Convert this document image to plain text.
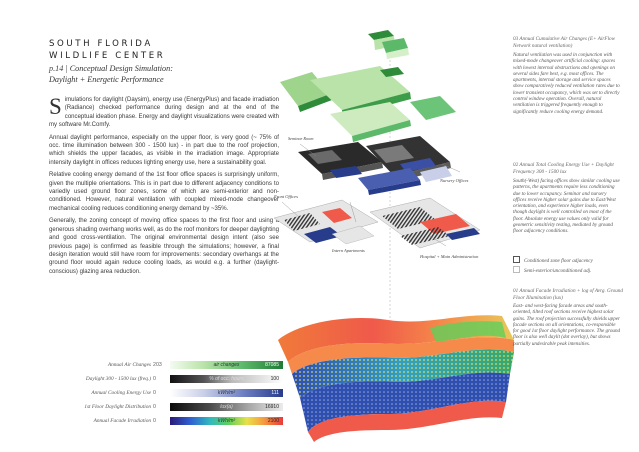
SOUTH FLORIDA
WILDLIFE CENTER
p.14 | Conceptual Design Simulation:
Daylight + Energetic Performance

Simulations for daylight (Daysim), energy use (EnergyPlus) and facade irradiation (Radiance) checked performance during design and at the end of the conceptual ideation phase. Energy and daylight visualizations were created with my software Mr.Comfy.

Annual daylight performance, especially on the upper floor, is very good (~ 75% of occ. time illumination between 300 - 1500 lux) - in part due to the roof projection, which shields the upper facades, as visible in the irradiation image. Appropriate intensity daylight in offices reduces lighting energy use, here a sustainability goal.

Relative cooling energy demand of the 1st floor office spaces is surprisingly uniform, given the multiple orientations. This is in part due to different adjacency conditions to variedly used ground floor zones, some of which are semi-exterior and non-conditioned. However, natural ventilation with coupled mixed-mode changeover mechanical cooling reduces conditioning energy demand by ~35%.

Generally, the zoning concept of moving office spaces to the first floor and using a generous shading overhang works well, as do the roof monitors for deeper daylighting and good cross-ventilation. The original environmental design intent (also see previous page) is confirmed as feasible through the simulations; however, a final design iteration would still have room for improvements: secondary overhangs at the ground floor would again reduce cooling loads, as would e.g. a further (daylight-conscious) glazing area reduction.

Annual Air Changes 203	air changes	87085
Daylight 300 - 1500 lux (freq.) 0	% of occ. hours	100
Annual Cooling Energy Use 0	kWh/m²	111
1st Floor Daylight Distribution 0	lux(a)	16910
Annual Facade Irradiation 0	kWh/m²	2100
Seminar Room
Nursery Offices
Front Offices
Intern Apartments
Hospital + Main Administration
03 Annual Cumulative Air Changes (E+ AirFlow Network natural ventilation)
Natural ventilation was used in conjunction with mixed-mode changeover artificial cooling: spaces with lowest internal obstructions and openings on several sides fare best, e.g. most offices. The apartments, internal storage and service spaces show comparatively reduced ventilation rates due to lower transient occupancy, which was set to directly control window operation. Overall, natural ventilation is triggered frequently enough to significantly reduce cooling energy demand.
02 Annual Total Cooling Energy Use + Daylight Frequency 300 - 1500 lux
South(-West) facing offices show similar cooling use patterns, the apartments require less conditioning due to lower occupancy. Seminar and nursery offices receive higher solar gains due to East/West orientation, and experience higher loads, even though daylight is well controlled on most of the floor. Absolute energy use values only valid for geometric sensitivity testing, mediated by ground floor adjacency conditions.
Conditioned zone floor adjacency
Semi-exterior/unconditioned adj.
01 Annual Facade Irradiation + log of Avrg. Ground Floor Illumination (lux)
East- and west-facing facade areas and south-oriented, tilted roof sections receive highest solar gains. The roof projection successfully shields upper facade sections on all orientations, co-responsible for good 1st floor daylight performance. The ground floor is also well daylit (dot overlay), but shows partially undesirable peak intensities.
